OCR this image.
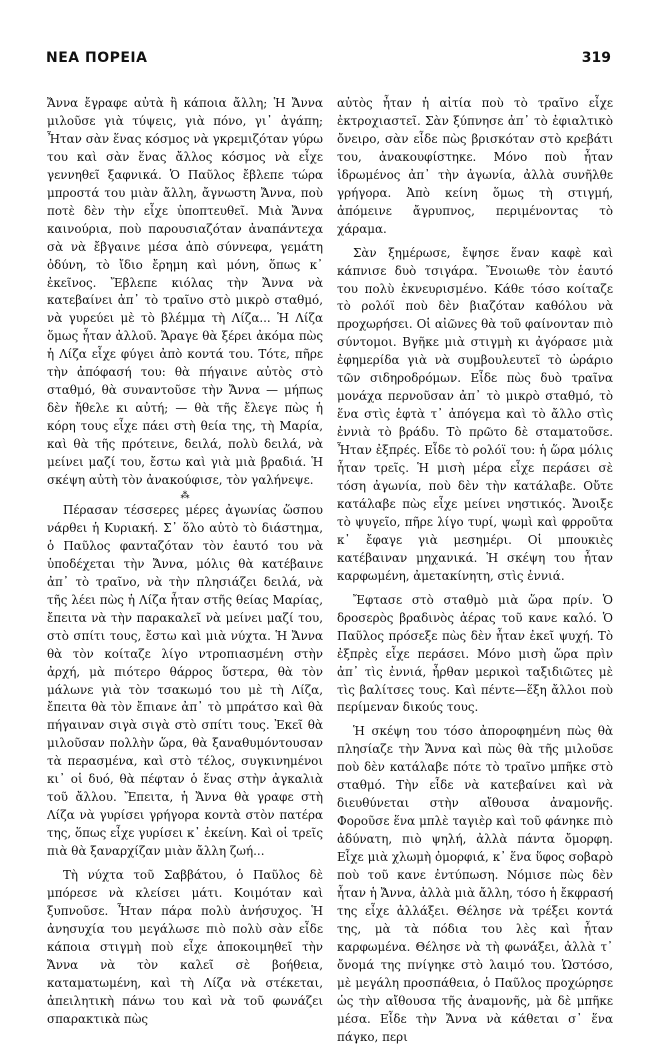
ΝΕΑ ΠΟΡΕΙΑ	319

Ἄννα ἔγραφε αὐτὰ ἢ κάποια ἄλλη; Ἡ Ἄννα μιλοῦσε γιὰ τύψεις, γιὰ πόνο, γι᾿ ἀγάπη; Ἦταν σὰν ἕνας κόσμος νὰ γκρεμιζόταν γύρω του καὶ σὰν ἕνας ἄλλος κόσμος νὰ εἶχε γεννηθεῖ ξαφνικά. Ὁ Παῦλος ἔβλεπε τώρα μπροστά του μιὰν ἄλλη, ἄγνωστη Ἄννα, ποὺ ποτὲ δὲν τὴν εἶχε ὑποπτευθεῖ. Μιὰ Ἄννα καινούρια, ποὺ παρουσιαζόταν ἀναπάντεχα σὰ νὰ ἔβγαινε μέσα ἀπὸ σύννεφα, γεμάτη ὀδύνη, τὸ ἴδιο ἔρημη καὶ μόνη, ὅπως κ᾿ ἐκεῖνος. Ἔβλεπε κιόλας τὴν Ἄννα νὰ κατεβαίνει ἀπ᾿ τὸ τραῖνο στὸ μικρὸ σταθμό, νὰ γυρεύει μὲ τὸ βλέμμα τὴ Λίζα... Ἡ Λίζα ὅμως ἦταν ἀλλοῦ. Ἄραγε θὰ ξέρει ἀκόμα πὼς ἡ Λίζα εἶχε φύγει ἀπὸ κοντά του. Τότε, πῆρε τὴν ἀπόφασή του: θὰ πήγαινε αὐτὸς στὸ σταθμό, θὰ συναντοῦσε τὴν Ἄννα — μήπως δὲν ἤθελε κι αὐτή; — θὰ τῆς ἔλεγε πὼς ἡ κόρη τους εἶχε πάει στὴ θεία της, τὴ Μαρία, καὶ θὰ τῆς πρότεινε, δειλά, πολὺ δειλά, νὰ μείνει μαζί του, ἔστω καὶ γιὰ μιὰ βραδιά. Ἡ σκέψη αὐτὴ τὸν ἀνακούφισε, τὸν γαλήνεψε.

⁂

Πέρασαν τέσσερες μέρες ἀγωνίας ὥσπου νάρθει ἡ Κυριακή. Σ᾿ ὅλο αὐτὸ τὸ διάστημα, ὁ Παῦλος φανταζόταν τὸν ἑαυτό του νὰ ὑποδέχεται τὴν Ἄννα, μόλις θὰ κατέβαινε ἀπ᾿ τὸ τραῖνο, νὰ τὴν πλησιάζει δειλά, νὰ τῆς λέει πὼς ἡ Λίζα ἦταν στῆς θείας Μαρίας, ἔπειτα νὰ τὴν παρακαλεῖ νὰ μείνει μαζί του, στὸ σπίτι τους, ἔστω καὶ μιὰ νύχτα. Ἡ Ἄννα θὰ τὸν κοίταζε λίγο ντροπιασμένη στὴν ἀρχή, μὰ πιότερο θάρρος ὕστερα, θὰ τὸν μάλωνε γιὰ τὸν τσακωμό του μὲ τὴ Λίζα, ἔπειτα θὰ τὸν ἔπιανε ἀπ᾿ τὸ μπράτσο καὶ θὰ πήγαιναν σιγὰ σιγὰ στὸ σπίτι τους. Ἐκεῖ θὰ μιλοῦσαν πολλὴν ὥρα, θὰ ξαναθυμόντουσαν τὰ περασμένα, καὶ στὸ τέλος, συγκινημένοι κι᾿ οἱ δυό, θὰ πέφταν ὁ ἕνας στὴν ἀγκαλιὰ τοῦ ἄλλου. Ἔπειτα, ἡ Ἄννα θὰ γραφε στὴ Λίζα νὰ γυρίσει γρήγορα κοντὰ στὸν πατέρα της, ὅπως εἶχε γυρίσει κ᾿ ἐκείνη. Καὶ οἱ τρεῖς πιὰ θὰ ξαναρχίζαν μιὰν ἄλλη ζωή...

Τὴ νύχτα τοῦ Σαββάτου, ὁ Παῦλος δὲ μπόρεσε νὰ κλείσει μάτι. Κοιμόταν καὶ ξυπνοῦσε. Ἦταν πάρα πολὺ ἀνήσυχος. Ἡ ἀνησυχία του μεγάλωσε πιὸ πολὺ σὰν εἶδε κάποια στιγμὴ ποὺ εἶχε ἀποκοιμηθεῖ τὴν Ἄννα νὰ τὸν καλεῖ σὲ βοήθεια, καταματωμένη, καὶ τὴ Λίζα νὰ στέκεται, ἀπειλητικὴ πάνω του καὶ νὰ τοῦ φωνάζει σπαρακτικὰ πὼς

αὐτὸς ἦταν ἡ αἰτία ποὺ τὸ τραῖνο εἶχε ἐκτροχιαστεῖ. Σὰν ξύπνησε ἀπ᾿ τὸ ἐφιαλτικὸ ὄνειρο, σὰν εἶδε πὼς βρισκόταν στὸ κρεβάτι του, ἀνακουφίστηκε. Μόνο ποὺ ἦταν ἱδρωμένος ἀπ᾿ τὴν ἀγωνία, ἀλλὰ συνῆλθε γρήγορα. Ἀπὸ κείνη ὅμως τὴ στιγμή, ἀπόμεινε ἄγρυπνος, περιμένοντας τὸ χάραμα.

Σὰν ξημέρωσε, ἔψησε ἕναν καφὲ καὶ κάπνισε δυὸ τσιγάρα. Ἔνοιωθε τὸν ἑαυτό του πολὺ ἐκνευρισμένο. Κάθε τόσο κοίταζε τὸ ρολόϊ ποὺ δὲν βιαζόταν καθόλου νὰ προχωρήσει. Οἱ αἰῶνες θὰ τοῦ φαίνονταν πιὸ σύντομοι. Βγῆκε μιὰ στιγμὴ κι ἀγόρασε μιὰ ἐφημερίδα γιὰ νὰ συμβουλευτεῖ τὸ ὡράριο τῶν σιδηροδρόμων. Εἶδε πὼς δυὸ τραῖνα μονάχα περνοῦσαν ἀπ᾿ τὸ μικρὸ σταθμό, τὸ ἕνα στὶς ἑφτὰ τ᾿ ἀπόγεμα καὶ τὸ ἄλλο στὶς ἐννιὰ τὸ βράδυ. Τὸ πρῶτο δὲ σταματοῦσε. Ἦταν ἐξπρές. Εἶδε τὸ ρολόϊ του: ἡ ὥρα μόλις ἦταν τρεῖς. Ἡ μισὴ μέρα εἶχε περάσει σὲ τόση ἀγωνία, ποὺ δὲν τὴν κατάλαβε. Οὔτε κατάλαβε πὼς εἶχε μείνει νηστικός. Ἄνοιξε τὸ ψυγεῖο, πῆρε λίγο τυρί, ψωμὶ καὶ φρροῦτα κ᾿ ἔφαγε γιὰ μεσημέρι. Οἱ μπουκιὲς κατέβαιναν μηχανικά. Ἡ σκέψη του ἦταν καρφωμένη, ἀμετακίνητη, στὶς ἐννιά.

Ἔφτασε στὸ σταθμὸ μιὰ ὥρα πρίν. Ὁ δροσερὸς βραδινὸς ἀέρας τοῦ κανε καλό. Ὁ Παῦλος πρόσεξε πὼς δὲν ἦταν ἐκεῖ ψυχή. Τὸ ἐξπρὲς εἶχε περάσει. Μόνο μισὴ ὥρα πρὶν ἀπ᾿ τὶς ἐννιά, ἦρθαν μερικοὶ ταξιδιῶτες μὲ τὶς βαλίτσες τους. Καὶ πέντε—ἕξη ἄλλοι ποὺ περίμεναν δικούς τους.

Ἡ σκέψη του τόσο ἀποροφημένη πὼς θὰ πλησίαζε τὴν Ἄννα καὶ πὼς θὰ τῆς μιλοῦσε ποὺ δὲν κατάλαβε πότε τὸ τραῖνο μπῆκε στὸ σταθμό. Τὴν εἶδε νὰ κατεβαίνει καὶ νὰ διευθύνεται στὴν αἴθουσα ἀναμονῆς. Φοροῦσε ἕνα μπλὲ ταγιὲρ καὶ τοῦ φάνηκε πιὸ ἀδύνατη, πιὸ ψηλή, ἀλλὰ πάντα ὄμορφη. Εἶχε μιὰ χλωμὴ ὀμορφιά, κ᾿ ἕνα ὕφος σοβαρὸ ποὺ τοῦ κανε ἐντύπωση. Νόμισε πὼς δὲν ἦταν ἡ Ἄννα, ἀλλὰ μιὰ ἄλλη, τόσο ἡ ἔκφρασή της εἶχε ἀλλάξει. Θέλησε νὰ τρέξει κοντά της, μὰ τὰ πόδια του λὲς καὶ ἦταν καρφωμένα. Θέλησε νὰ τὴ φωνάξει, ἀλλὰ τ᾿ ὄνομά της πνίγηκε στὸ λαιμό του. Ὡστόσο, μὲ μεγάλη προσπάθεια, ὁ Παῦλος προχώρησε ὡς τὴν αἴθουσα τῆς ἀναμονῆς, μὰ δὲ μπῆκε μέσα. Εἶδε τὴν Ἄννα νὰ κάθεται σ᾿ ἕνα πάγκο, περι
